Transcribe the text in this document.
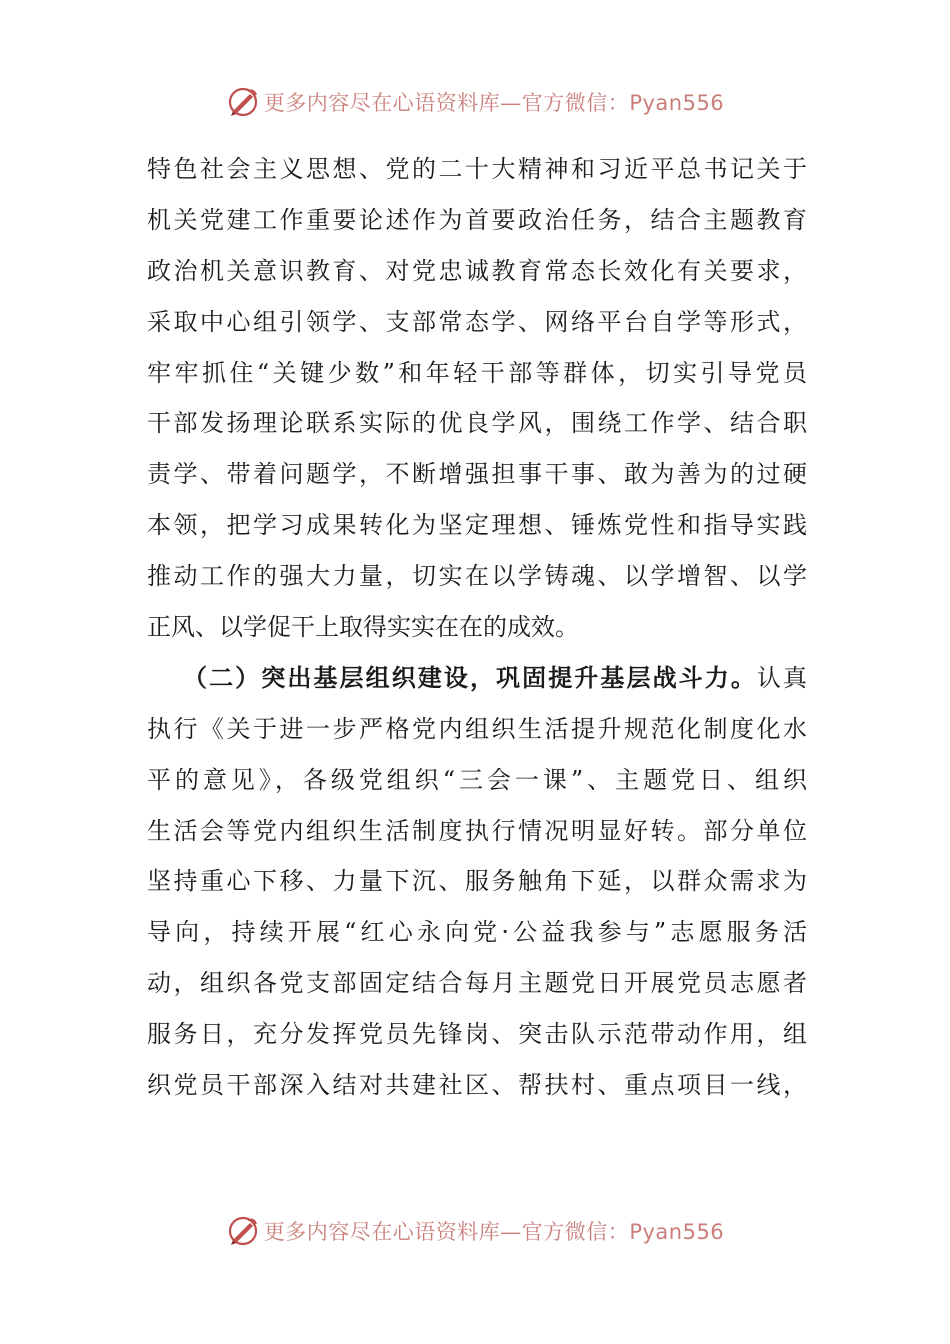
更多内容尽在心语资料库—官方微信：Pyan556
特色社会主义思想、党的二十大精神和习近平总书记关于
机关党建工作重要论述作为首要政治任务，结合主题教育
政治机关意识教育、对党忠诚教育常态长效化有关要求，
采取中心组引领学、支部常态学、网络平台自学等形式，
牢牢抓住“关键少数”和年轻干部等群体，切实引导党员
干部发扬理论联系实际的优良学风，围绕工作学、结合职
责学、带着问题学，不断增强担事干事、敢为善为的过硬
本领，把学习成果转化为坚定理想、锤炼党性和指导实践
推动工作的强大力量，切实在以学铸魂、以学增智、以学
正风、以学促干上取得实实在在的成效。
（二）突出基层组织建设，巩固提升基层战斗力。认真
执行《关于进一步严格党内组织生活提升规范化制度化水
平的意见》，各级党组织“三会一课”、主题党日、组织
生活会等党内组织生活制度执行情况明显好转。部分单位
坚持重心下移、力量下沉、服务触角下延，以群众需求为
导向，持续开展“红心永向党·公益我参与”志愿服务活
动，组织各党支部固定结合每月主题党日开展党员志愿者
服务日，充分发挥党员先锋岗、突击队示范带动作用，组
织党员干部深入结对共建社区、帮扶村、重点项目一线，
更多内容尽在心语资料库—官方微信：Pyan556
